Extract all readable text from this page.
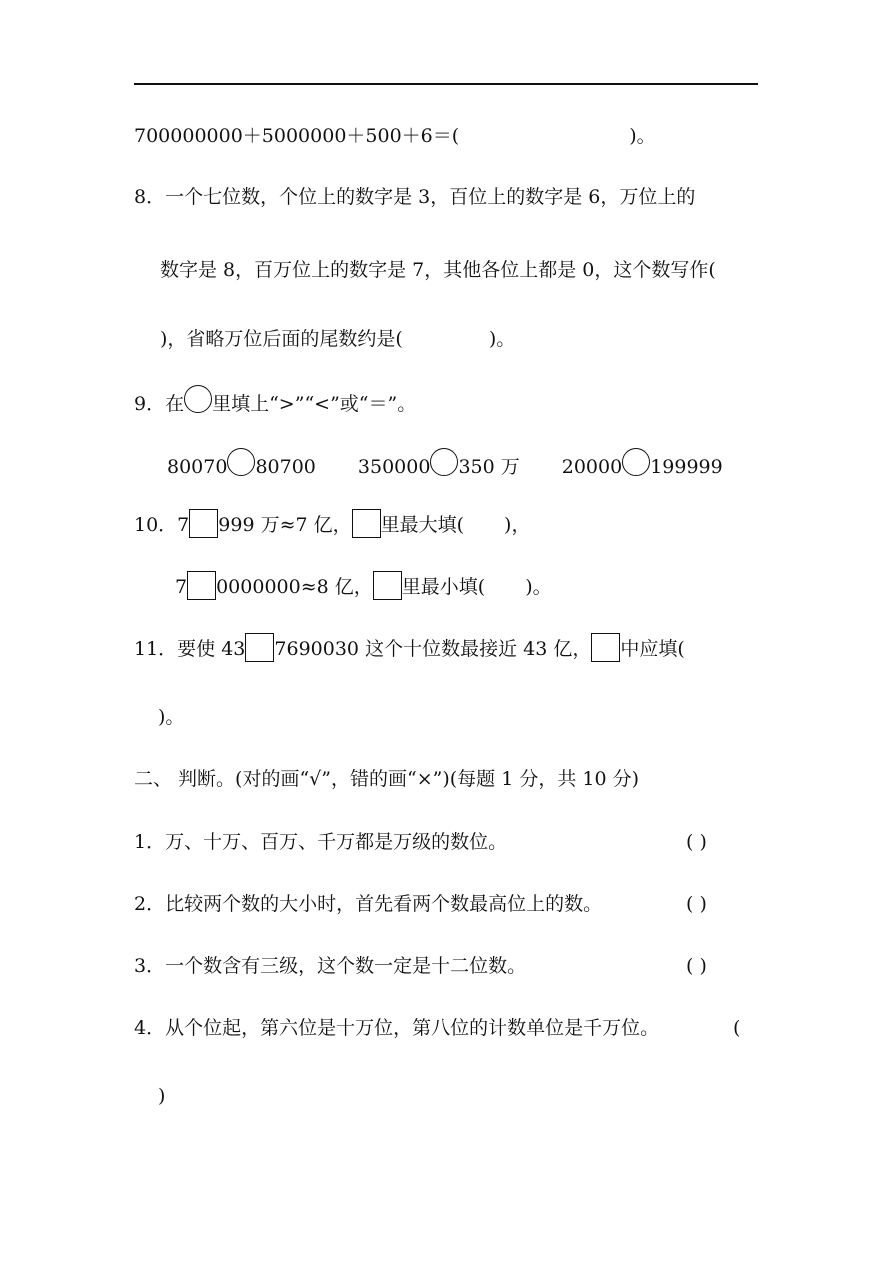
700000000＋5000000＋500＋6＝(	)。
8．一个七位数，个位上的数字是 3，百位上的数字是 6，万位上的
数字是 8，百万位上的数字是 7，其他各位上都是 0，这个数写作(
)，省略万位后面的尾数约是(	)。
9．在 里填上“>”“<”或“＝”。
80070 80700 350000 350 万 20000 199999
10．7 999 万≈7 亿， 里最大填( )，
7 0000000≈8 亿， 里最小填( )。
11．要使 43 7690030 这个十位数最接近 43 亿， 中应填(
)。
二、 判断。(对的画“√”，错的画“×”)(每题 1 分，共 10 分)
1．万、十万、百万、千万都是万级的数位。	( )
2．比较两个数的大小时，首先看两个数最高位上的数。	( )
3．一个数含有三级，这个数一定是十二位数。	( )
4．从个位起，第六位是十万位，第八位的计数单位是千万位。	(
)
